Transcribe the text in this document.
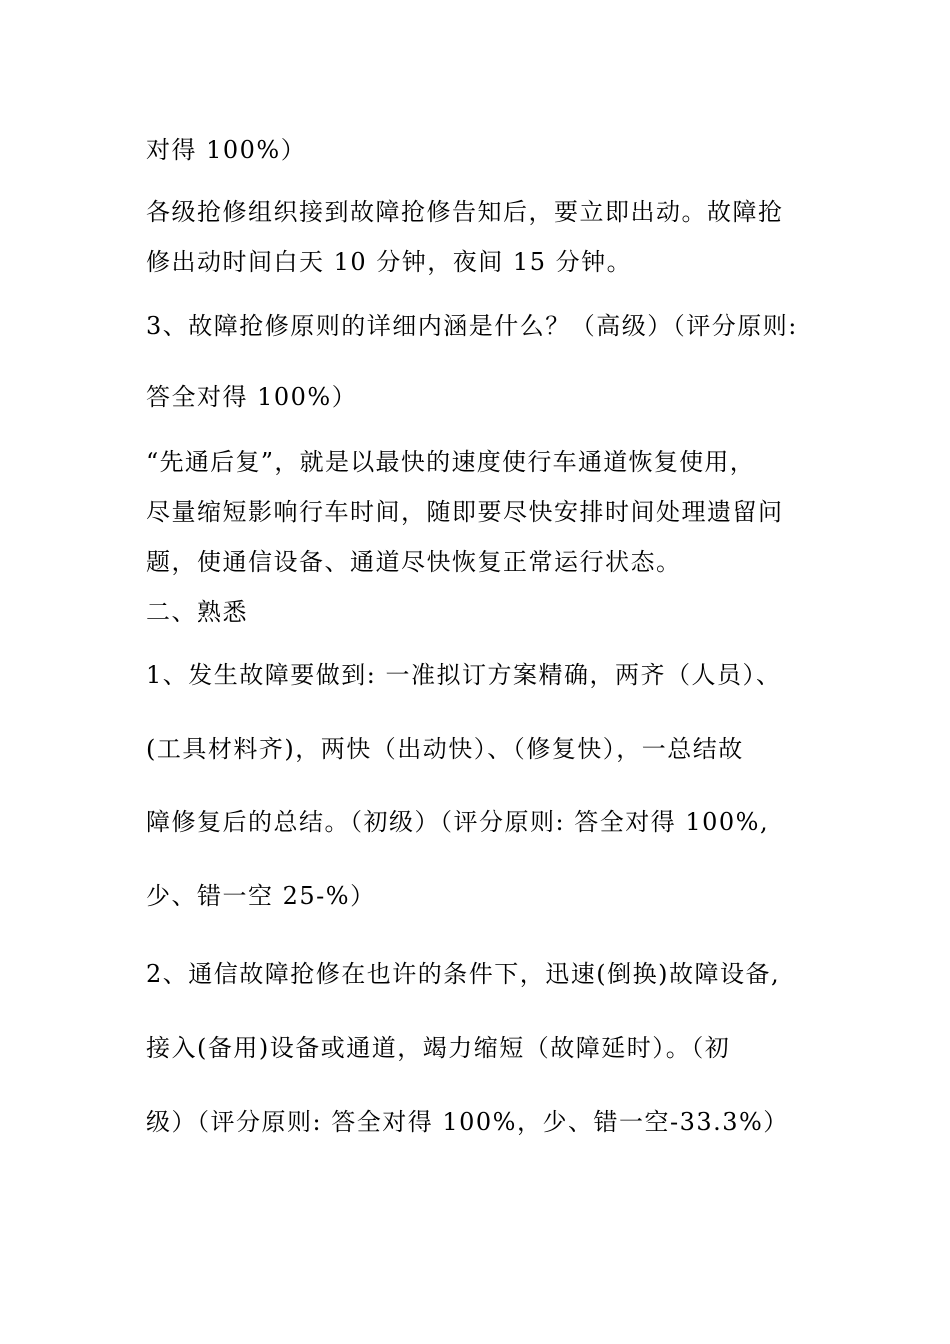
对得 100%）
各级抢修组织接到故障抢修告知后，要立即出动。故障抢
修出动时间白天 10 分钟，夜间 15 分钟。
3、故障抢修原则的详细内涵是什么？（高级）（评分原则:
答全对得 100%）
“先通后复”，就是以最快的速度使行车通道恢复使用，
尽量缩短影响行车时间，随即要尽快安排时间处理遗留问
题，使通信设备、通道尽快恢复正常运行状态。
二、熟悉
1、发生故障要做到: 一准拟订方案精确，两齐（人员）、
(工具材料齐)，两快（出动快）、（修复快），一总结故
障修复后的总结。（初级）（评分原则: 答全对得 100%,
少、错一空 25-%）
2、通信故障抢修在也许的条件下，迅速(倒换)故障设备,
接入(备用)设备或通道，竭力缩短（故障延时）。（初
级）（评分原则: 答全对得 100%，少、错一空-33.3%）
